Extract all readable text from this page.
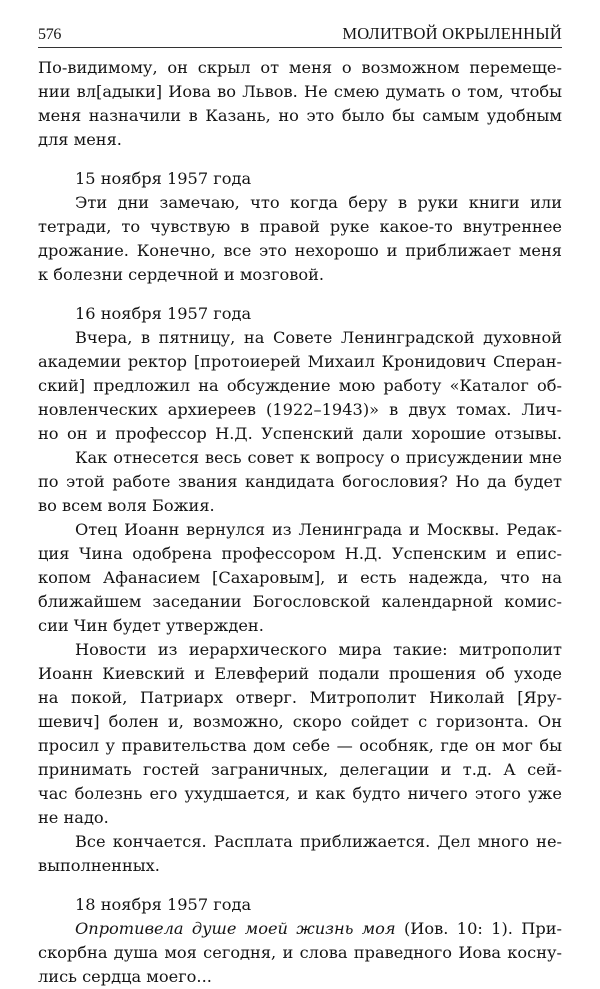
576	МОЛИТВОЙ ОКРЫЛЕННЫЙ
По-видимому, он скрыл от меня о возможном перемеще-
нии вл[адыки] Иова во Львов. Не смею думать о том, чтобы
меня назначили в Казань, но это было бы самым удобным
для меня.
15 ноября 1957 года
Эти дни замечаю, что когда беру в руки книги или
тетради, то чувствую в правой руке какое-то внутреннее
дрожание. Конечно, все это нехорошо и приближает меня
к болезни сердечной и мозговой.
16 ноября 1957 года
Вчера, в пятницу, на Совете Ленинградской духовной
академии ректор [протоиерей Михаил Кронидович Сперан-
ский] предложил на обсуждение мою работу «Каталог об-
новленческих архиереев (1922–1943)» в двух томах. Лич-
но он и профессор Н.Д. Успенский дали хорошие отзывы.
Как отнесется весь совет к вопросу о присуждении мне
по этой работе звания кандидата богословия? Но да будет
во всем воля Божия.
Отец Иоанн вернулся из Ленинграда и Москвы. Редак-
ция Чина одобрена профессором Н.Д. Успенским и епис-
копом Афанасием [Сахаровым], и есть надежда, что на
ближайшем заседании Богословской календарной комис-
сии Чин будет утвержден.
Новости из иерархического мира такие: митрополит
Иоанн Киевский и Елевферий подали прошения об уходе
на покой, Патриарх отверг. Митрополит Николай [Яру-
шевич] болен и, возможно, скоро сойдет с горизонта. Он
просил у правительства дом себе — особняк, где он мог бы
принимать гостей заграничных, делегации и т.д. А сей-
час болезнь его ухудшается, и как будто ничего этого уже
не надо.
Все кончается. Расплата приближается. Дел много не-
выполненных.
18 ноября 1957 года
Опротивела душе моей жизнь моя (Иов. 10: 1). При-
скорбна душа моя сегодня, и слова праведного Иова косну-
лись сердца моего...
